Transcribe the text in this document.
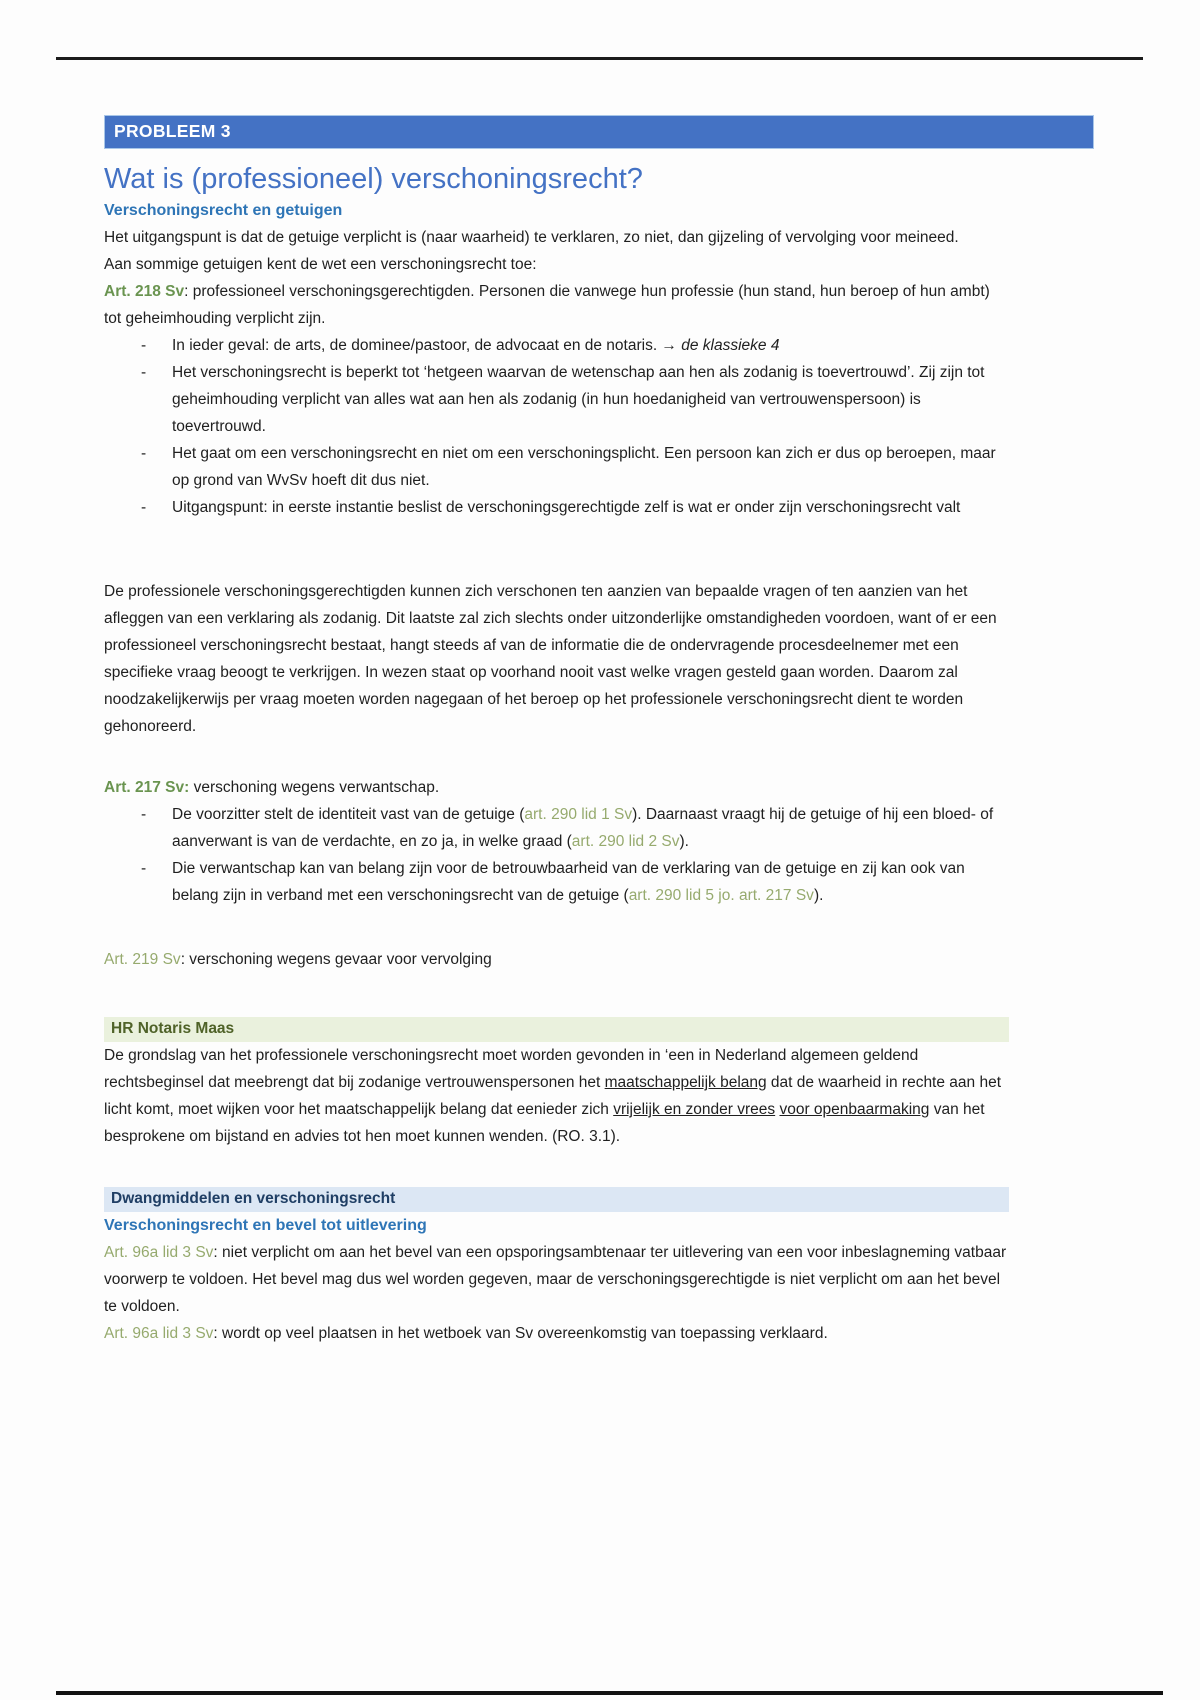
PROBLEEM 3
Wat is (professioneel) verschoningsrecht?
Verschoningsrecht en getuigen

Het uitgangspunt is dat de getuige verplicht is (naar waarheid) te verklaren, zo niet, dan gijzeling of vervolging voor meineed.

Aan sommige getuigen kent de wet een verschoningsrecht toe:

Art. 218 Sv: professioneel verschoningsgerechtigden. Personen die vanwege hun professie (hun stand, hun beroep of hun ambt) tot geheimhouding verplicht zijn.

- In ieder geval: de arts, de dominee/pastoor, de advocaat en de notaris. → de klassieke 4
- Het verschoningsrecht is beperkt tot ‘hetgeen waarvan de wetenschap aan hen als zodanig is toevertrouwd’. Zij zijn tot geheimhouding verplicht van alles wat aan hen als zodanig (in hun hoedanigheid van vertrouwenspersoon) is toevertrouwd.
- Het gaat om een verschoningsrecht en niet om een verschoningsplicht. Een persoon kan zich er dus op beroepen, maar op grond van WvSv hoeft dit dus niet.
- Uitgangspunt: in eerste instantie beslist de verschoningsgerechtigde zelf is wat er onder zijn verschoningsrecht valt

De professionele verschoningsgerechtigden kunnen zich verschonen ten aanzien van bepaalde vragen of ten aanzien van het afleggen van een verklaring als zodanig. Dit laatste zal zich slechts onder uitzonderlijke omstandigheden voordoen, want of er een professioneel verschoningsrecht bestaat, hangt steeds af van de informatie die de ondervragende procesdeelnemer met een specifieke vraag beoogt te verkrijgen. In wezen staat op voorhand nooit vast welke vragen gesteld gaan worden. Daarom zal noodzakelijkerwijs per vraag moeten worden nagegaan of het beroep op het professionele verschoningsrecht dient te worden gehonoreerd.

Art. 217 Sv: verschoning wegens verwantschap.

- De voorzitter stelt de identiteit vast van de getuige (art. 290 lid 1 Sv). Daarnaast vraagt hij de getuige of hij een bloed- of aanverwant is van de verdachte, en zo ja, in welke graad (art. 290 lid 2 Sv).
- Die verwantschap kan van belang zijn voor de betrouwbaarheid van de verklaring van de getuige en zij kan ook van belang zijn in verband met een verschoningsrecht van de getuige (art. 290 lid 5 jo. art. 217 Sv).

Art. 219 Sv: verschoning wegens gevaar voor vervolging

HR Notaris Maas

De grondslag van het professionele verschoningsrecht moet worden gevonden in ‘een in Nederland algemeen geldend rechtsbeginsel dat meebrengt dat bij zodanige vertrouwenspersonen het maatschappelijk belang dat de waarheid in rechte aan het licht komt, moet wijken voor het maatschappelijk belang dat eenieder zich vrijelijk en zonder vrees voor openbaarmaking van het besprokene om bijstand en advies tot hen moet kunnen wenden. (RO. 3.1).

Dwangmiddelen en verschoningsrecht
Verschoningsrecht en bevel tot uitlevering

Art. 96a lid 3 Sv: niet verplicht om aan het bevel van een opsporingsambtenaar ter uitlevering van een voor inbeslagneming vatbaar voorwerp te voldoen. Het bevel mag dus wel worden gegeven, maar de verschoningsgerechtigde is niet verplicht om aan het bevel te voldoen.

Art. 96a lid 3 Sv: wordt op veel plaatsen in het wetboek van Sv overeenkomstig van toepassing verklaard.
